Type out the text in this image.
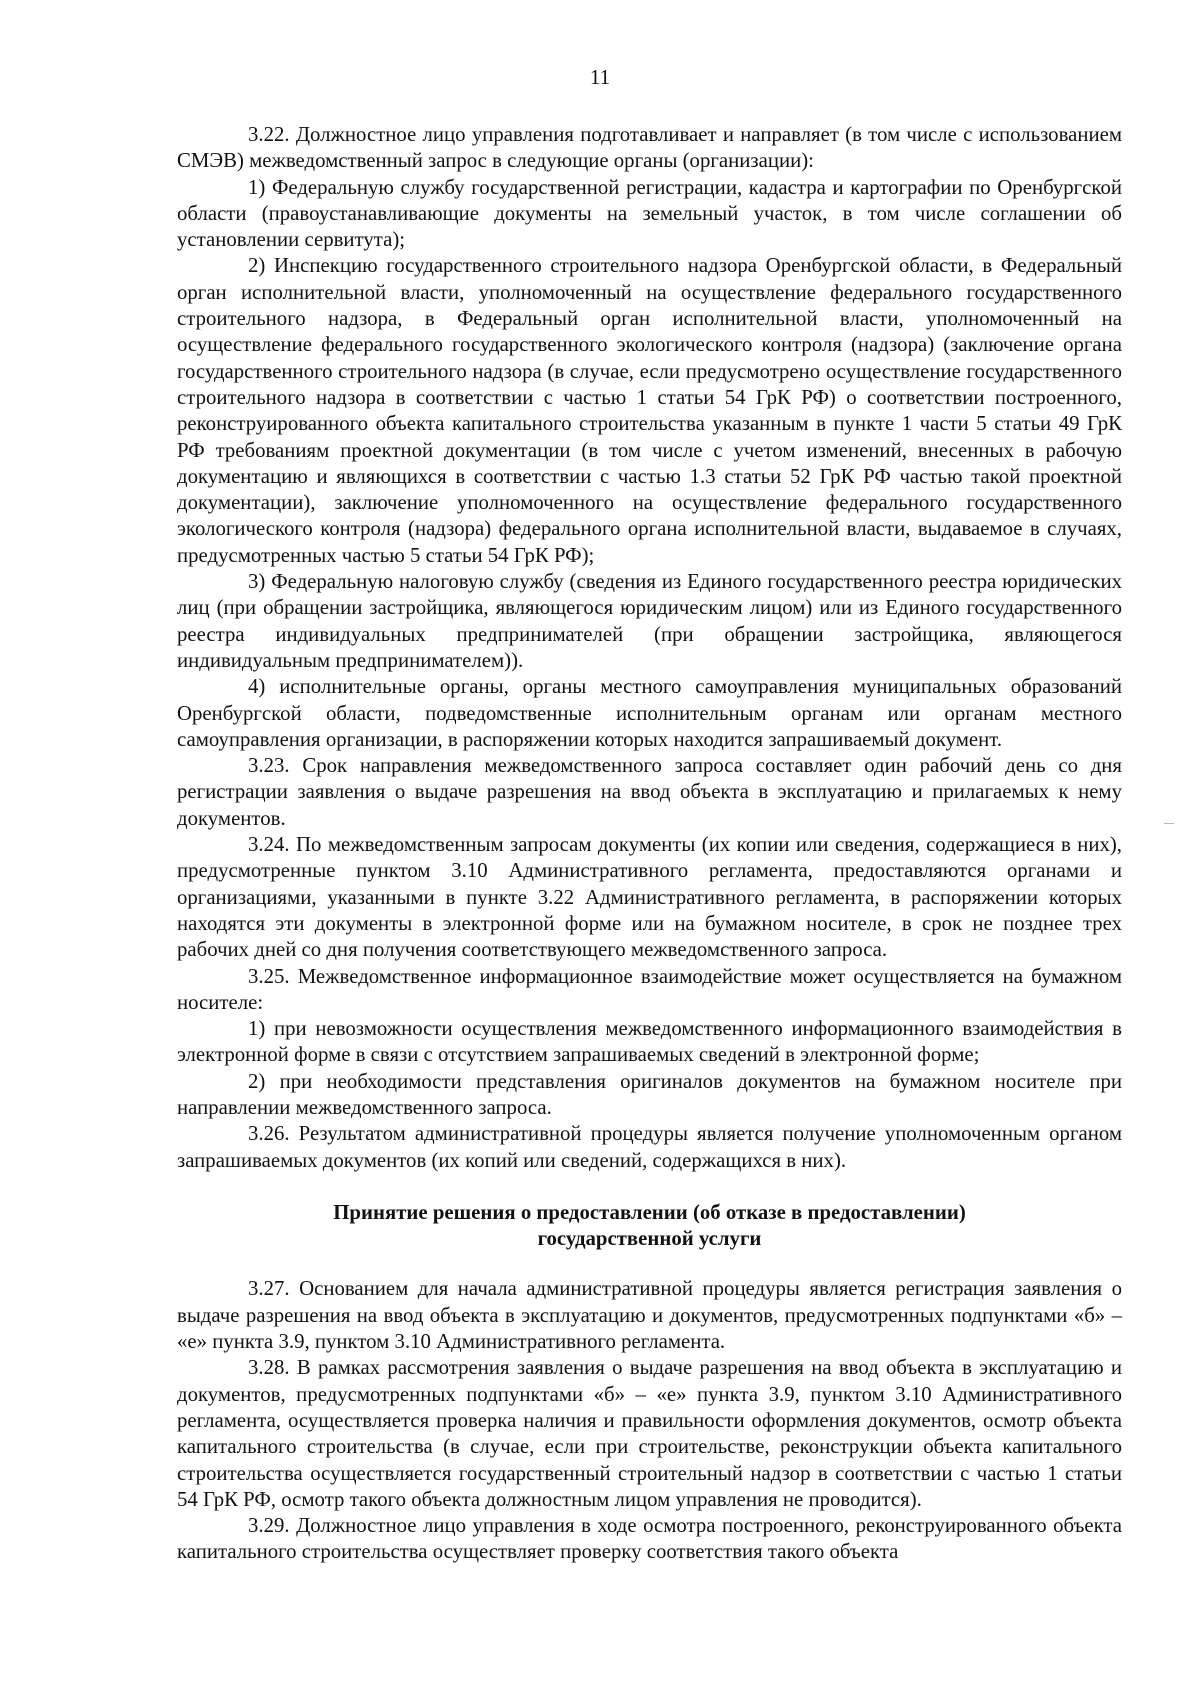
11

3.22. Должностное лицо управления подготавливает и направляет (в том числе с использованием СМЭВ) межведомственный запрос в следующие органы (организации):

1) Федеральную службу государственной регистрации, кадастра и картографии по Оренбургской области (правоустанавливающие документы на земельный участок, в том числе соглашении об установлении сервитута);

2) Инспекцию государственного строительного надзора Оренбургской области, в Федеральный орган исполнительной власти, уполномоченный на осуществление федерального государственного строительного надзора, в Федеральный орган исполнительной власти, уполномоченный на осуществление федерального государственного экологического контроля (надзора) (заключение органа государственного строительного надзора (в случае, если предусмотрено осуществление государственного строительного надзора в соответствии с частью 1 статьи 54 ГрК РФ) о соответствии построенного, реконструированного объекта капитального строительства указанным в пункте 1 части 5 статьи 49 ГрК РФ требованиям проектной документации (в том числе с учетом изменений, внесенных в рабочую документацию и являющихся в соответствии с частью 1.3 статьи 52 ГрК РФ частью такой проектной документации), заключение уполномоченного на осуществление федерального государственного экологического контроля (надзора) федерального органа исполнительной власти, выдаваемое в случаях, предусмотренных частью 5 статьи 54 ГрК РФ);

3) Федеральную налоговую службу (сведения из Единого государственного реестра юридических лиц (при обращении застройщика, являющегося юридическим лицом) или из Единого государственного реестра индивидуальных предпринимателей (при обращении застройщика, являющегося индивидуальным предпринимателем)).

4) исполнительные органы, органы местного самоуправления муниципальных образований Оренбургской области, подведомственные исполнительным органам или органам местного самоуправления организации, в распоряжении которых находится запрашиваемый документ.

3.23. Срок направления межведомственного запроса составляет один рабочий день со дня регистрации заявления о выдаче разрешения на ввод объекта в эксплуатацию и прилагаемых к нему документов.

3.24. По межведомственным запросам документы (их копии или сведения, содержащиеся в них), предусмотренные пунктом 3.10 Административного регламента, предоставляются органами и организациями, указанными в пункте 3.22 Административного регламента, в распоряжении которых находятся эти документы в электронной форме или на бумажном носителе, в срок не позднее трех рабочих дней со дня получения соответствующего межведомственного запроса.

3.25. Межведомственное информационное взаимодействие может осуществляется на бумажном носителе:

1) при невозможности осуществления межведомственного информационного взаимодействия в электронной форме в связи с отсутствием запрашиваемых сведений в электронной форме;

2) при необходимости представления оригиналов документов на бумажном носителе при направлении межведомственного запроса.

3.26. Результатом административной процедуры является получение уполномоченным органом запрашиваемых документов (их копий или сведений, содержащихся в них).

Принятие решения о предоставлении (об отказе в предоставлении)
государственной услуги

3.27. Основанием для начала административной процедуры является регистрация заявления о выдаче разрешения на ввод объекта в эксплуатацию и документов, предусмотренных подпунктами «б» – «е» пункта 3.9, пунктом 3.10 Административного регламента.

3.28. В рамках рассмотрения заявления о выдаче разрешения на ввод объекта в эксплуатацию и документов, предусмотренных подпунктами «б» – «е» пункта 3.9, пунктом 3.10 Административного регламента, осуществляется проверка наличия и правильности оформления документов, осмотр объекта капитального строительства (в случае, если при строительстве, реконструкции объекта капитального строительства осуществляется государственный строительный надзор в соответствии с частью 1 статьи 54 ГрК РФ, осмотр такого объекта должностным лицом управления не проводится).

3.29. Должностное лицо управления в ходе осмотра построенного, реконструированного объекта капитального строительства осуществляет проверку соответствия такого объекта
